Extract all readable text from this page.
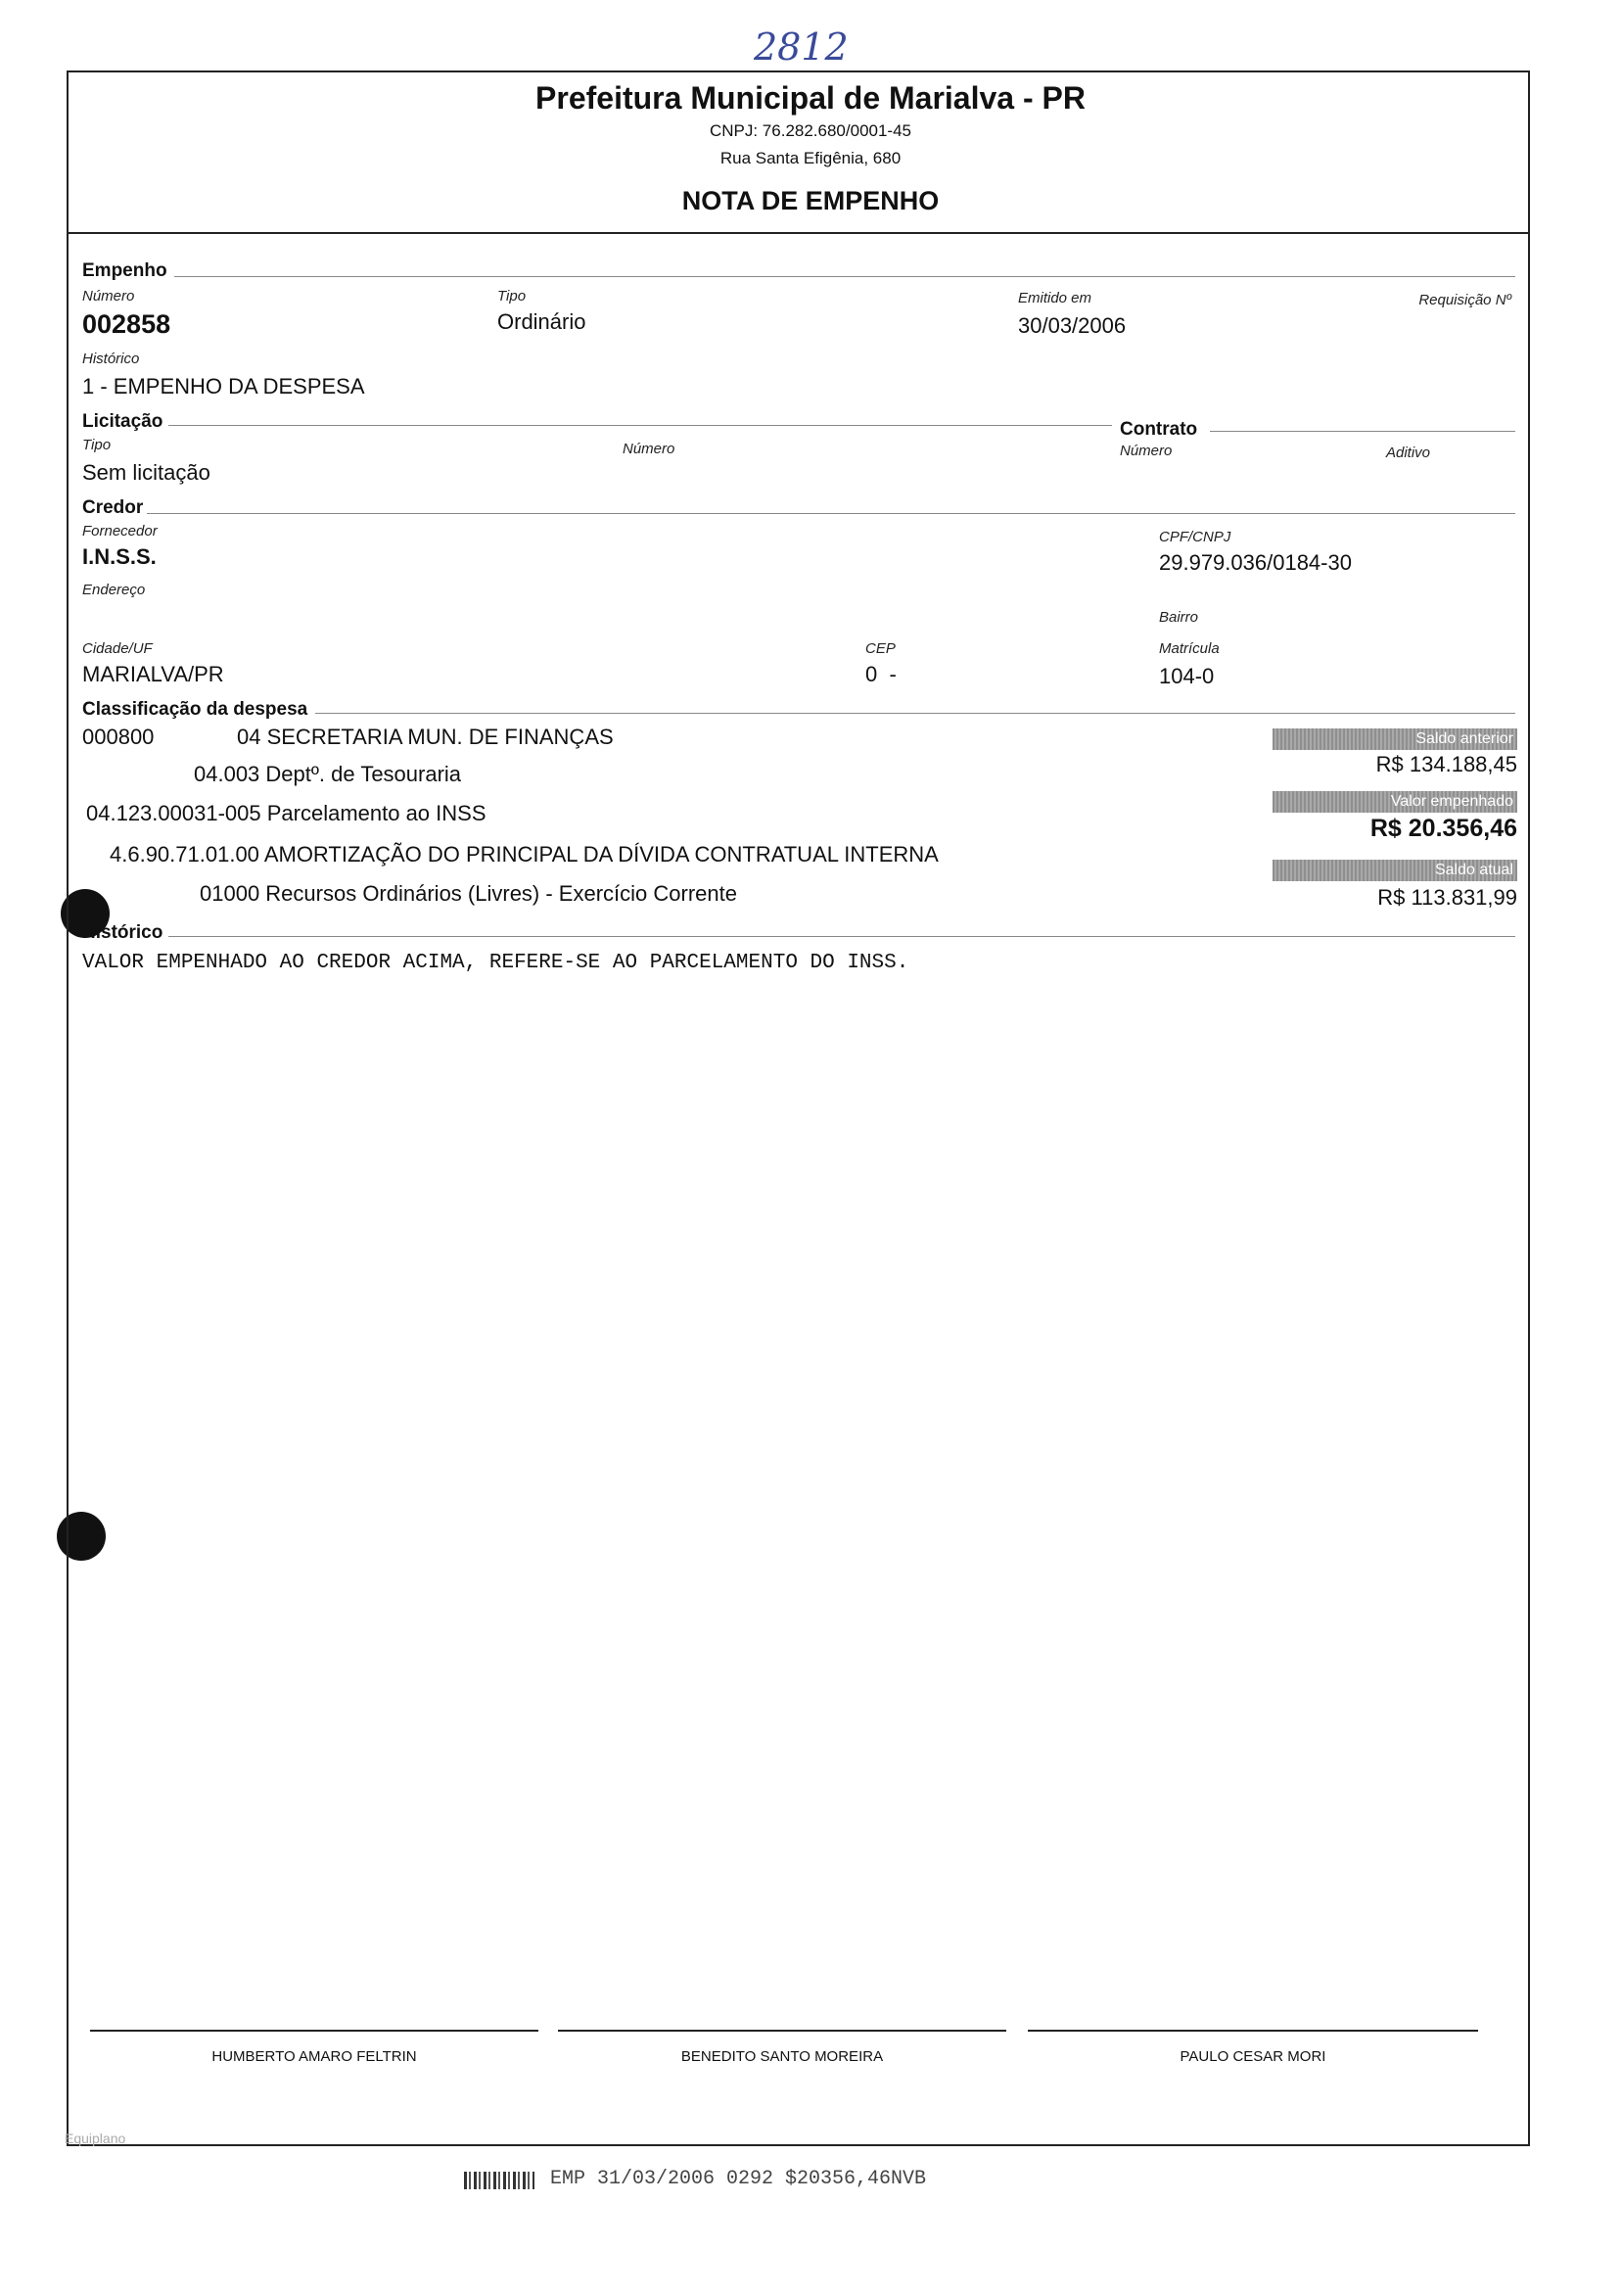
2812
Prefeitura Municipal de Marialva - PR
CNPJ: 76.282.680/0001-45
Rua Santa Efigênia, 680
NOTA DE EMPENHO
Empenho
Número
002858
Tipo
Ordinário
Emitido em
30/03/2006
Requisição Nº
Histórico
1 - EMPENHO DA DESPESA
Licitação	Contrato
Tipo
Sem licitação
Número	Número	Aditivo
Credor
Fornecedor
I.N.S.S.
CPF/CNPJ
29.979.036/0184-30
Endereço
Bairro
Cidade/UF
MARIALVA/PR
CEP
0  -
Matrícula
104-0
Classificação da despesa
000800	04 SECRETARIA MUN. DE FINANÇAS
04.003 Deptº. de Tesouraria
04.123.00031-005 Parcelamento ao INSS
4.6.90.71.01.00 AMORTIZAÇÃO DO PRINCIPAL DA DÍVIDA CONTRATUAL INTERNA
01000 Recursos Ordinários (Livres) - Exercício Corrente
Saldo anterior
R$ 134.188,45
Valor empenhado
R$ 20.356,46
Saldo atual
R$ 113.831,99
Histórico
VALOR EMPENHADO AO CREDOR ACIMA, REFERE-SE AO PARCELAMENTO DO INSS.
HUMBERTO AMARO FELTRIN	BENEDITO SANTO MOREIRA	PAULO CESAR MORI
Equiplano
EMP 31/03/2006 0292 $20356,46NVB
